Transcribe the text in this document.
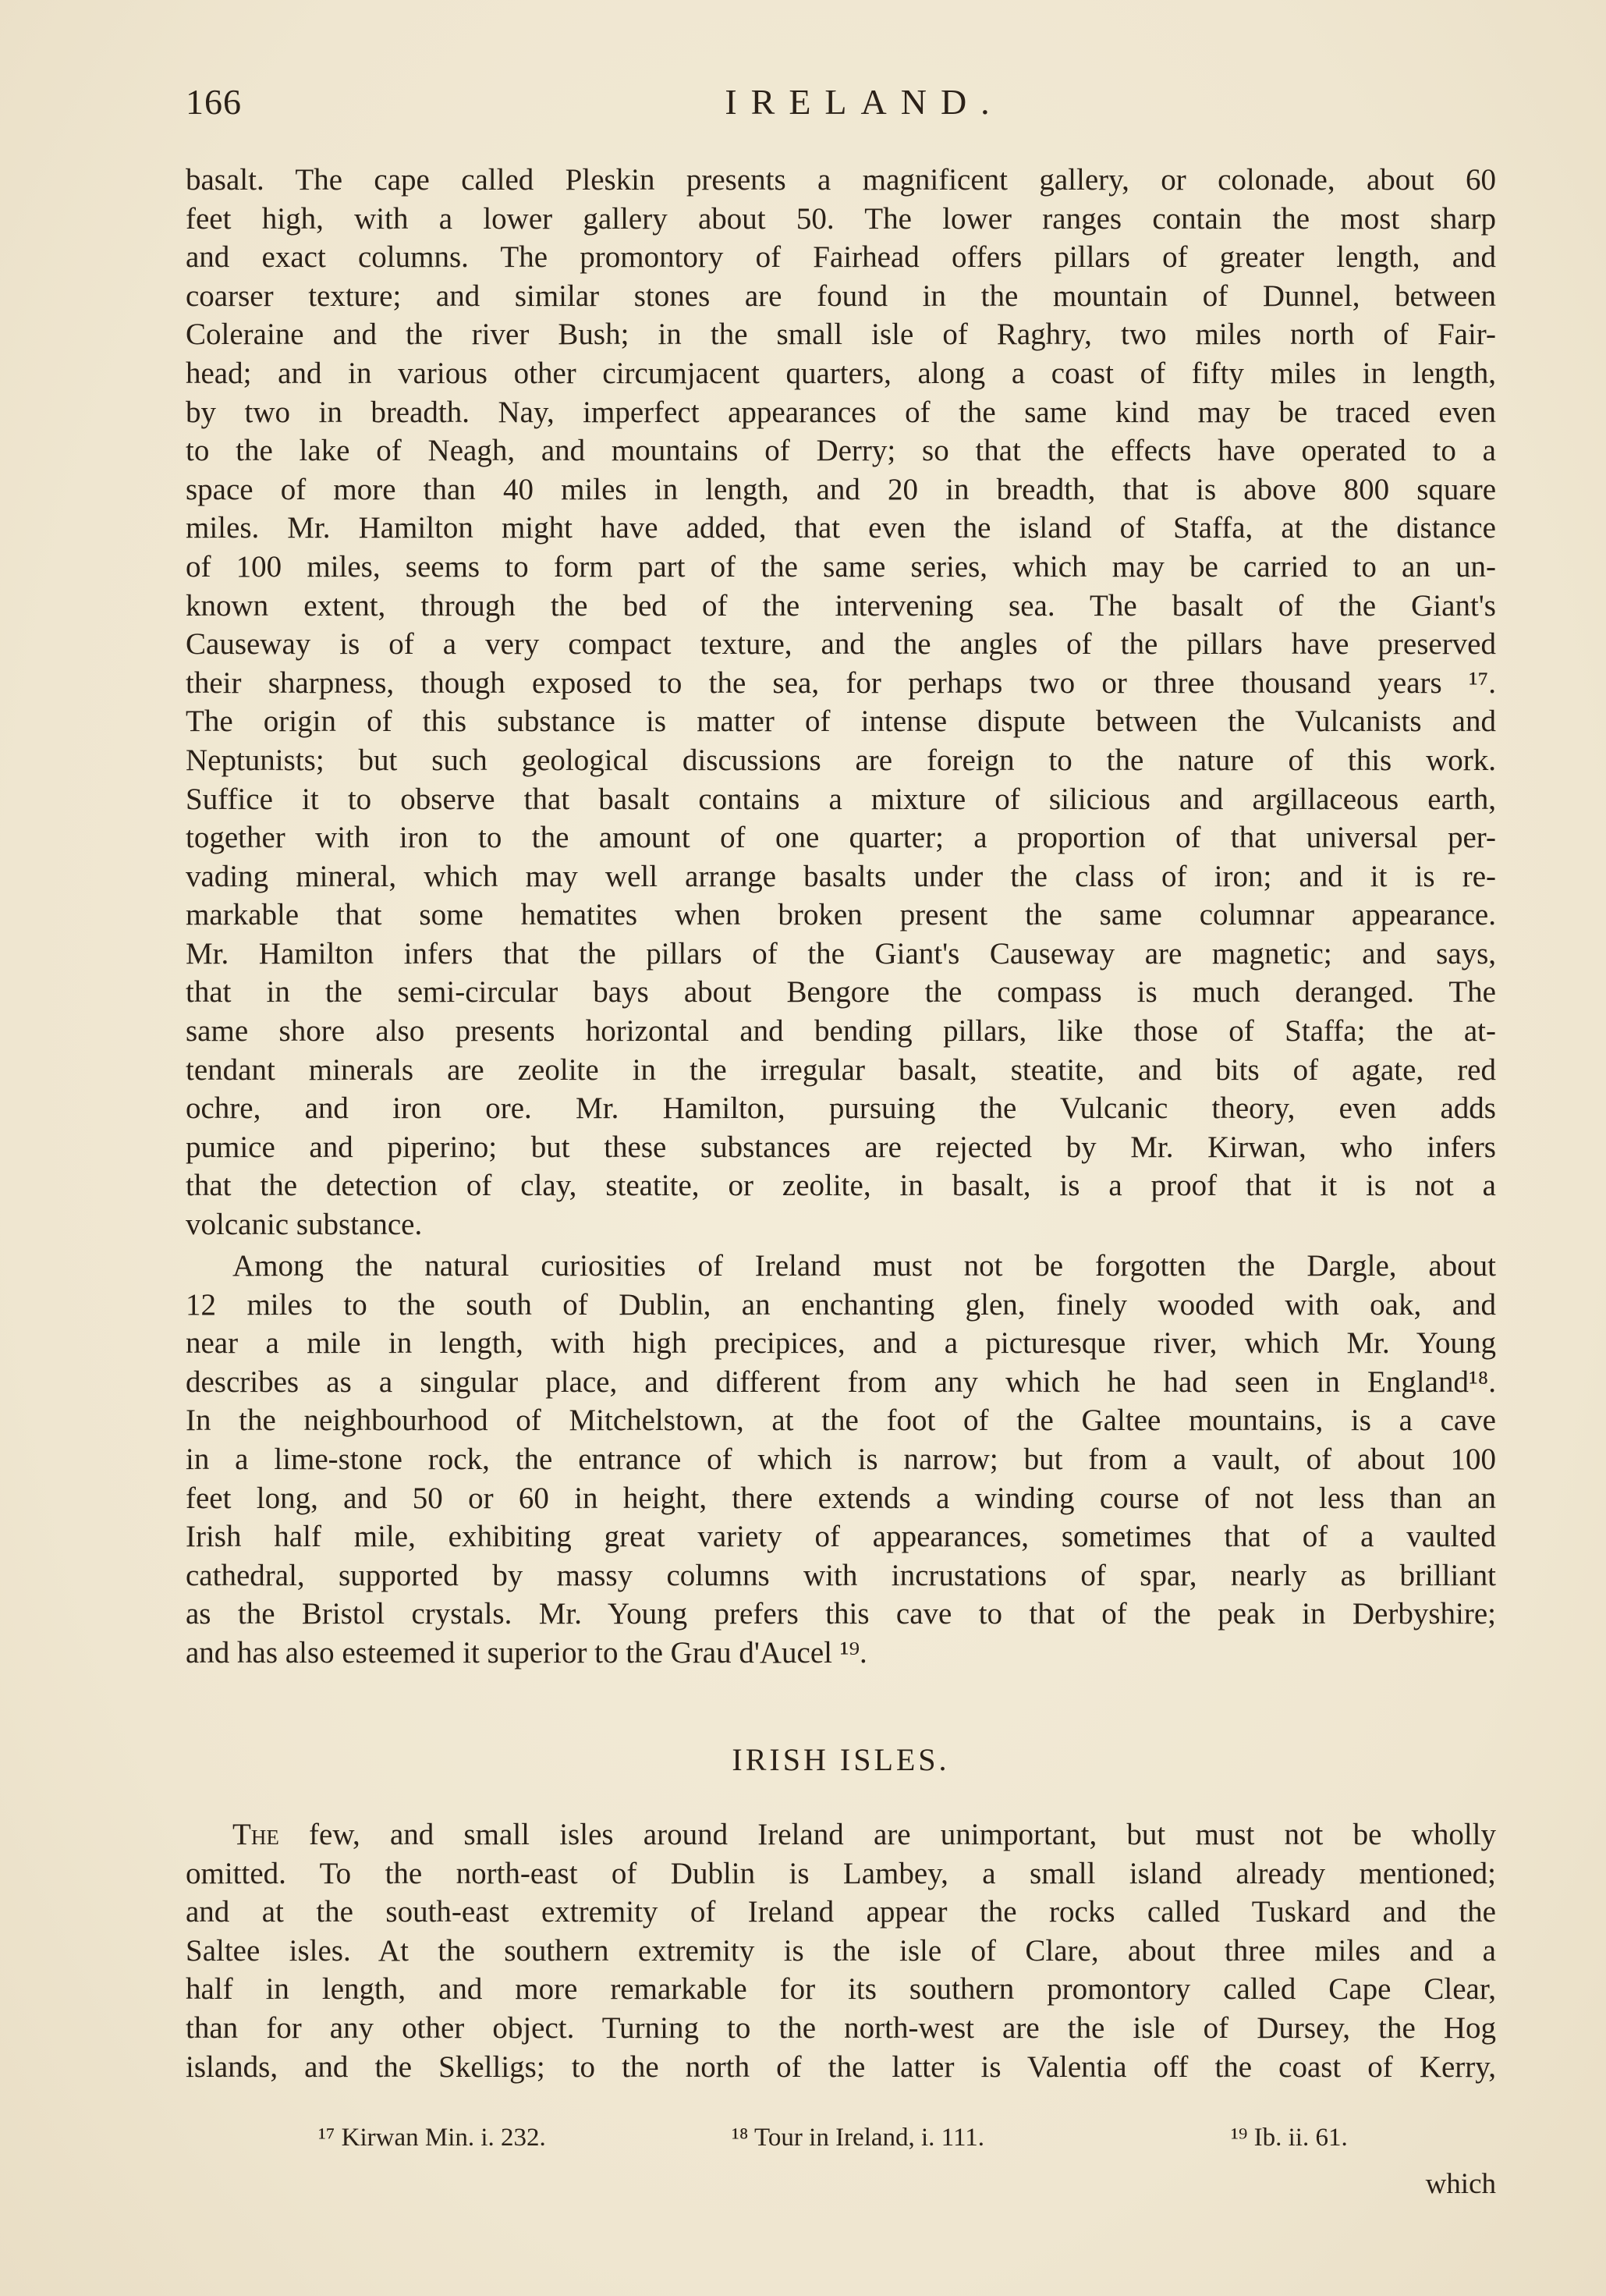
166	IRELAND.
basalt. The cape called Pleskin presents a magnificent gallery, or colonade, about 60
feet high, with a lower gallery about 50. The lower ranges contain the most sharp
and exact columns. The promontory of Fairhead offers pillars of greater length, and
coarser texture; and similar stones are found in the mountain of Dunnel, between
Coleraine and the river Bush; in the small isle of Raghry, two miles north of Fair-
head; and in various other circumjacent quarters, along a coast of fifty miles in length,
by two in breadth. Nay, imperfect appearances of the same kind may be traced even
to the lake of Neagh, and mountains of Derry; so that the effects have operated to a
space of more than 40 miles in length, and 20 in breadth, that is above 800 square
miles. Mr. Hamilton might have added, that even the island of Staffa, at the distance
of 100 miles, seems to form part of the same series, which may be carried to an un-
known extent, through the bed of the intervening sea. The basalt of the Giant's
Causeway is of a very compact texture, and the angles of the pillars have preserved
their sharpness, though exposed to the sea, for perhaps two or three thousand years ¹⁷.
The origin of this substance is matter of intense dispute between the Vulcanists and
Neptunists; but such geological discussions are foreign to the nature of this work.
Suffice it to observe that basalt contains a mixture of silicious and argillaceous earth,
together with iron to the amount of one quarter; a proportion of that universal per-
vading mineral, which may well arrange basalts under the class of iron; and it is re-
markable that some hematites when broken present the same columnar appearance.
Mr. Hamilton infers that the pillars of the Giant's Causeway are magnetic; and says,
that in the semi-circular bays about Bengore the compass is much deranged. The
same shore also presents horizontal and bending pillars, like those of Staffa; the at-
tendant minerals are zeolite in the irregular basalt, steatite, and bits of agate, red
ochre, and iron ore. Mr. Hamilton, pursuing the Vulcanic theory, even adds
pumice and piperino; but these substances are rejected by Mr. Kirwan, who infers
that the detection of clay, steatite, or zeolite, in basalt, is a proof that it is not a
volcanic substance.
Among the natural curiosities of Ireland must not be forgotten the Dargle, about
12 miles to the south of Dublin, an enchanting glen, finely wooded with oak, and
near a mile in length, with high precipices, and a picturesque river, which Mr. Young
describes as a singular place, and different from any which he had seen in England¹⁸.
In the neighbourhood of Mitchelstown, at the foot of the Galtee mountains, is a cave
in a lime-stone rock, the entrance of which is narrow; but from a vault, of about 100
feet long, and 50 or 60 in height, there extends a winding course of not less than an
Irish half mile, exhibiting great variety of appearances, sometimes that of a vaulted
cathedral, supported by massy columns with incrustations of spar, nearly as brilliant
as the Bristol crystals. Mr. Young prefers this cave to that of the peak in Derbyshire;
and has also esteemed it superior to the Grau d'Aucel ¹⁹.
IRISH ISLES.
The few, and small isles around Ireland are unimportant, but must not be wholly
omitted. To the north-east of Dublin is Lambey, a small island already mentioned;
and at the south-east extremity of Ireland appear the rocks called Tuskard and the
Saltee isles. At the southern extremity is the isle of Clare, about three miles and a
half in length, and more remarkable for its southern promontory called Cape Clear,
than for any other object. Turning to the north-west are the isle of Dursey, the Hog
islands, and the Skelligs; to the north of the latter is Valentia off the coast of Kerry,
¹⁷ Kirwan Min. i. 232.	¹⁸ Tour in Ireland, i. 111.	¹⁹ Ib. ii. 61.
which
